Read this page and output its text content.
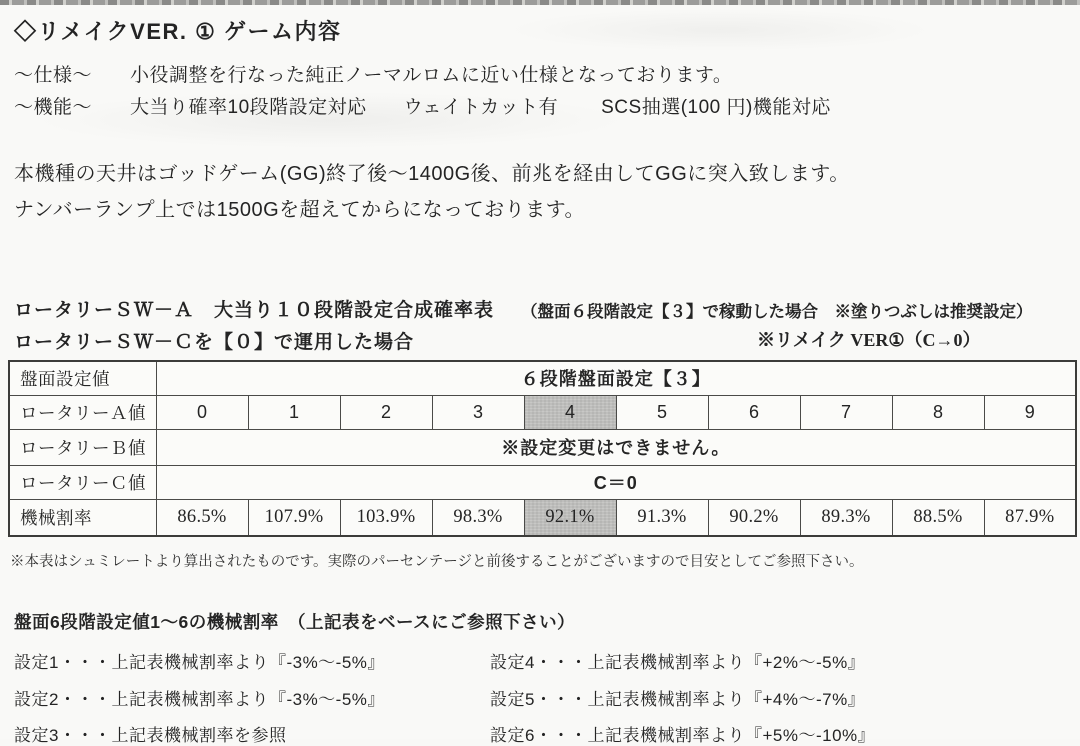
◇リメイクVER. ① ゲーム内容
～仕様～ 小役調整を行なった純正ノーマルロムに近い仕様となっております。
～機能～ 大当り確率10段階設定対応 ウェイトカット有 SCS抽選(100 円)機能対応
本機種の天井はゴッドゲーム(GG)終了後～1400G後、前兆を経由してGGに突入致します。
ナンバーランプ上では1500Gを超えてからになっております。
ロータリーＳＷ－Ａ　大当り１０段階設定合成確率表 （盤面６段階設定【３】で稼動した場合　※塗りつぶしは推奨設定）
ロータリーＳＷ－Ｃを【０】で運用した場合	※リメイク VER①（C→0）
盤面設定値	６段階盤面設定【３】									
ロータリーＡ値	0	1	2	3	4	5	6	7	8	9
ロータリーＢ値	※設定変更はできません。									
ロータリーＣ値	C＝0									
機械割率	86.5%	107.9%	103.9%	98.3%	92.1%	91.3%	90.2%	89.3%	88.5%	87.9%
※本表はシュミレートより算出されたものです。実際のパーセンテージと前後することがございますので目安としてご参照下さい。
盤面6段階設定値1～6の機械割率　（上記表をベースにご参照下さい）
設定1・・・上記表機械割率より『-3%～-5%』
設定2・・・上記表機械割率より『-3%～-5%』
設定3・・・上記表機械割率を参照
設定4・・・上記表機械割率より『+2%～-5%』
設定5・・・上記表機械割率より『+4%～-7%』
設定6・・・上記表機械割率より『+5%～-10%』
